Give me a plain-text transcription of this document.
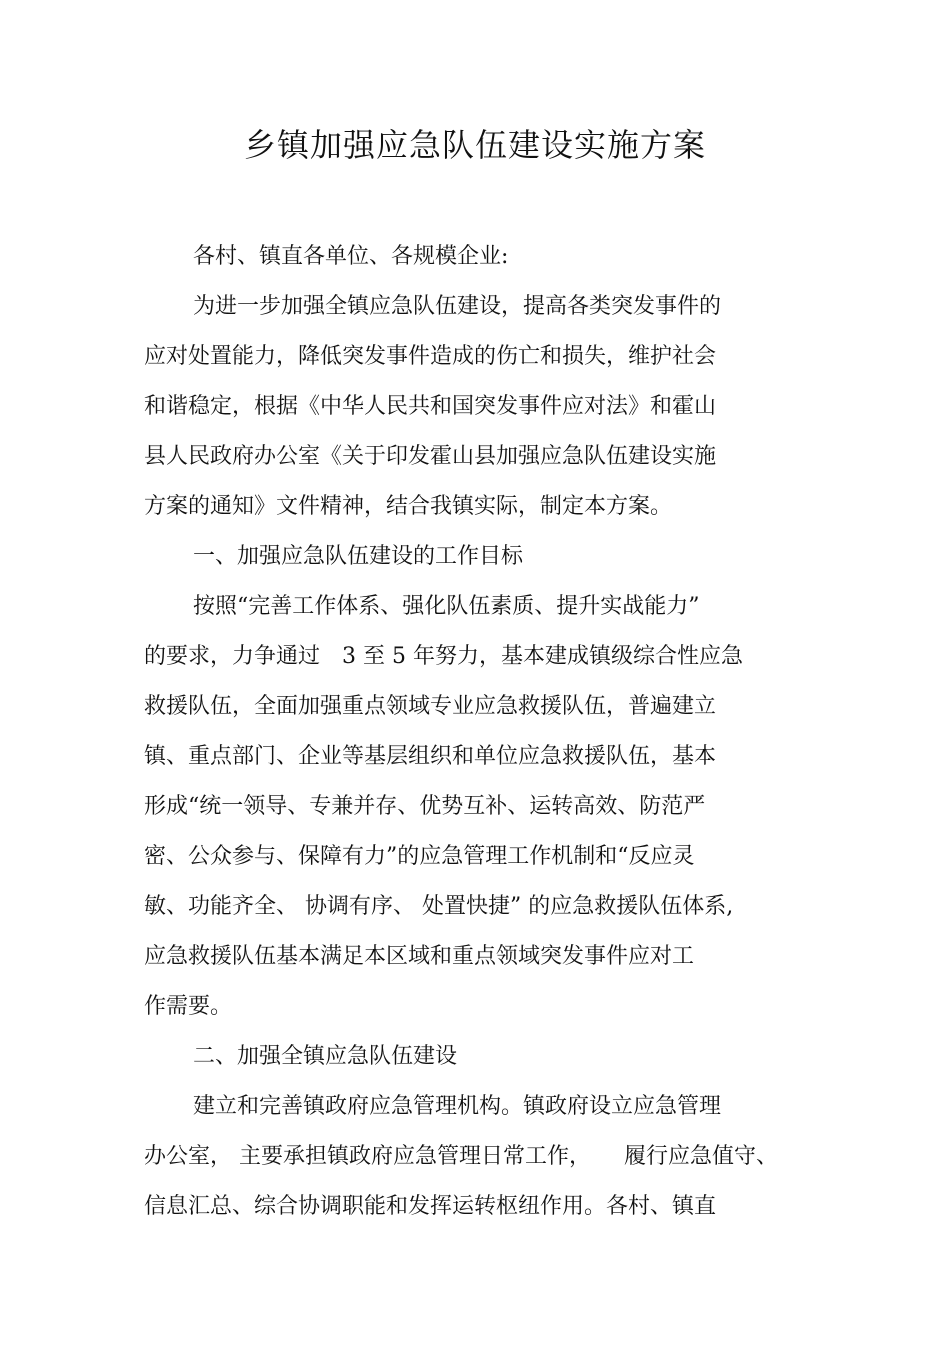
乡镇加强应急队伍建设实施方案
各村、镇直各单位、各规模企业:
为进一步加强全镇应急队伍建设，提高各类突发事件的
应对处置能力，降低突发事件造成的伤亡和损失，维护社会
和谐稳定，根据《中华人民共和国突发事件应对法》和霍山
县人民政府办公室《关于印发霍山县加强应急队伍建设实施
方案的通知》文件精神，结合我镇实际，制定本方案。
一、加强应急队伍建设的工作目标
按照“完善工作体系、强化队伍素质、提升实战能力”
的要求，力争通过　3 至 5 年努力，基本建成镇级综合性应急
救援队伍，全面加强重点领域专业应急救援队伍，普遍建立
镇、重点部门、企业等基层组织和单位应急救援队伍，基本
形成“统一领导、专兼并存、优势互补、运转高效、防范严
密、公众参与、保障有力”的应急管理工作机制和“反应灵
敏、功能齐全、 协调有序、 处置快捷” 的应急救援队伍体系,
应急救援队伍基本满足本区域和重点领域突发事件应对工
作需要。
二、加强全镇应急队伍建设
建立和完善镇政府应急管理机构。镇政府设立应急管理
办公室， 主要承担镇政府应急管理日常工作，　　履行应急值守、
信息汇总、综合协调职能和发挥运转枢纽作用。各村、镇直
